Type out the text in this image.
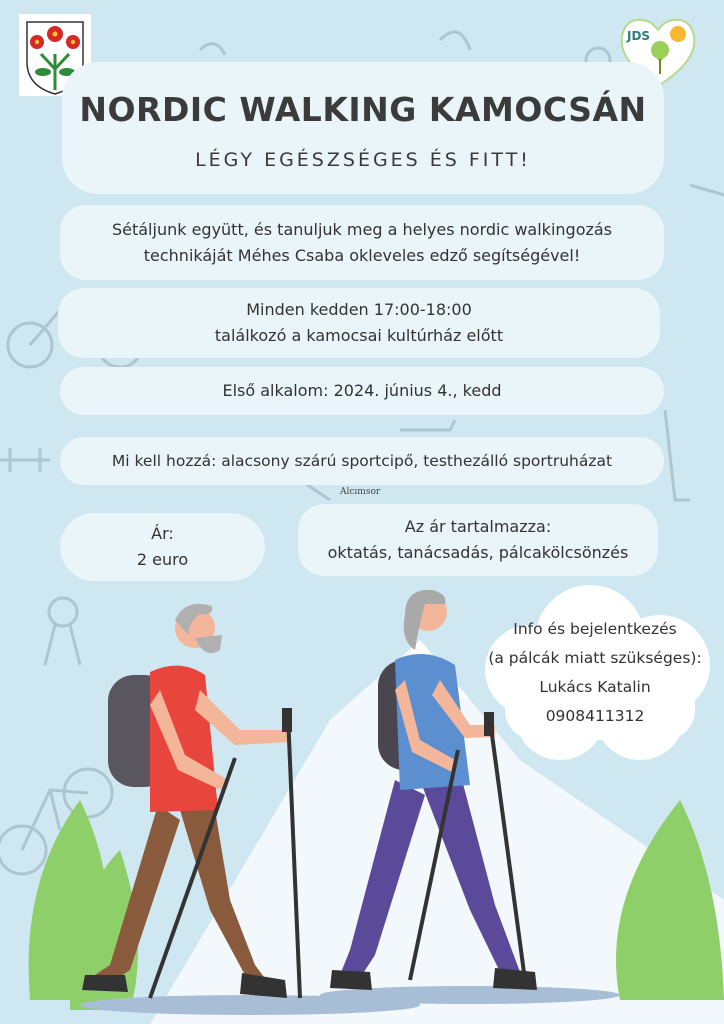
JDS
NORDIC WALKING KAMOCSÁN
LÉGY EGÉSZSÉGES ÉS FITT!
Sétáljunk együtt, és tanuljuk meg a helyes nordic walkingozás
technikáját Méhes Csaba okleveles edző segítségével!
Minden kedden 17:00-18:00
találkozó a kamocsai kultúrház előtt
Első alkalom: 2024. június 4., kedd
Mi kell hozzá: alacsony szárú sportcipő, testhezálló sportruházat
Alcımsor
Ár:
2 euro
Az ár tartalmazza:
oktatás, tanácsadás, pálcakölcsönzés
Info és bejelentkezés
(a pálcák miatt szükséges):
Lukács Katalin
0908411312
